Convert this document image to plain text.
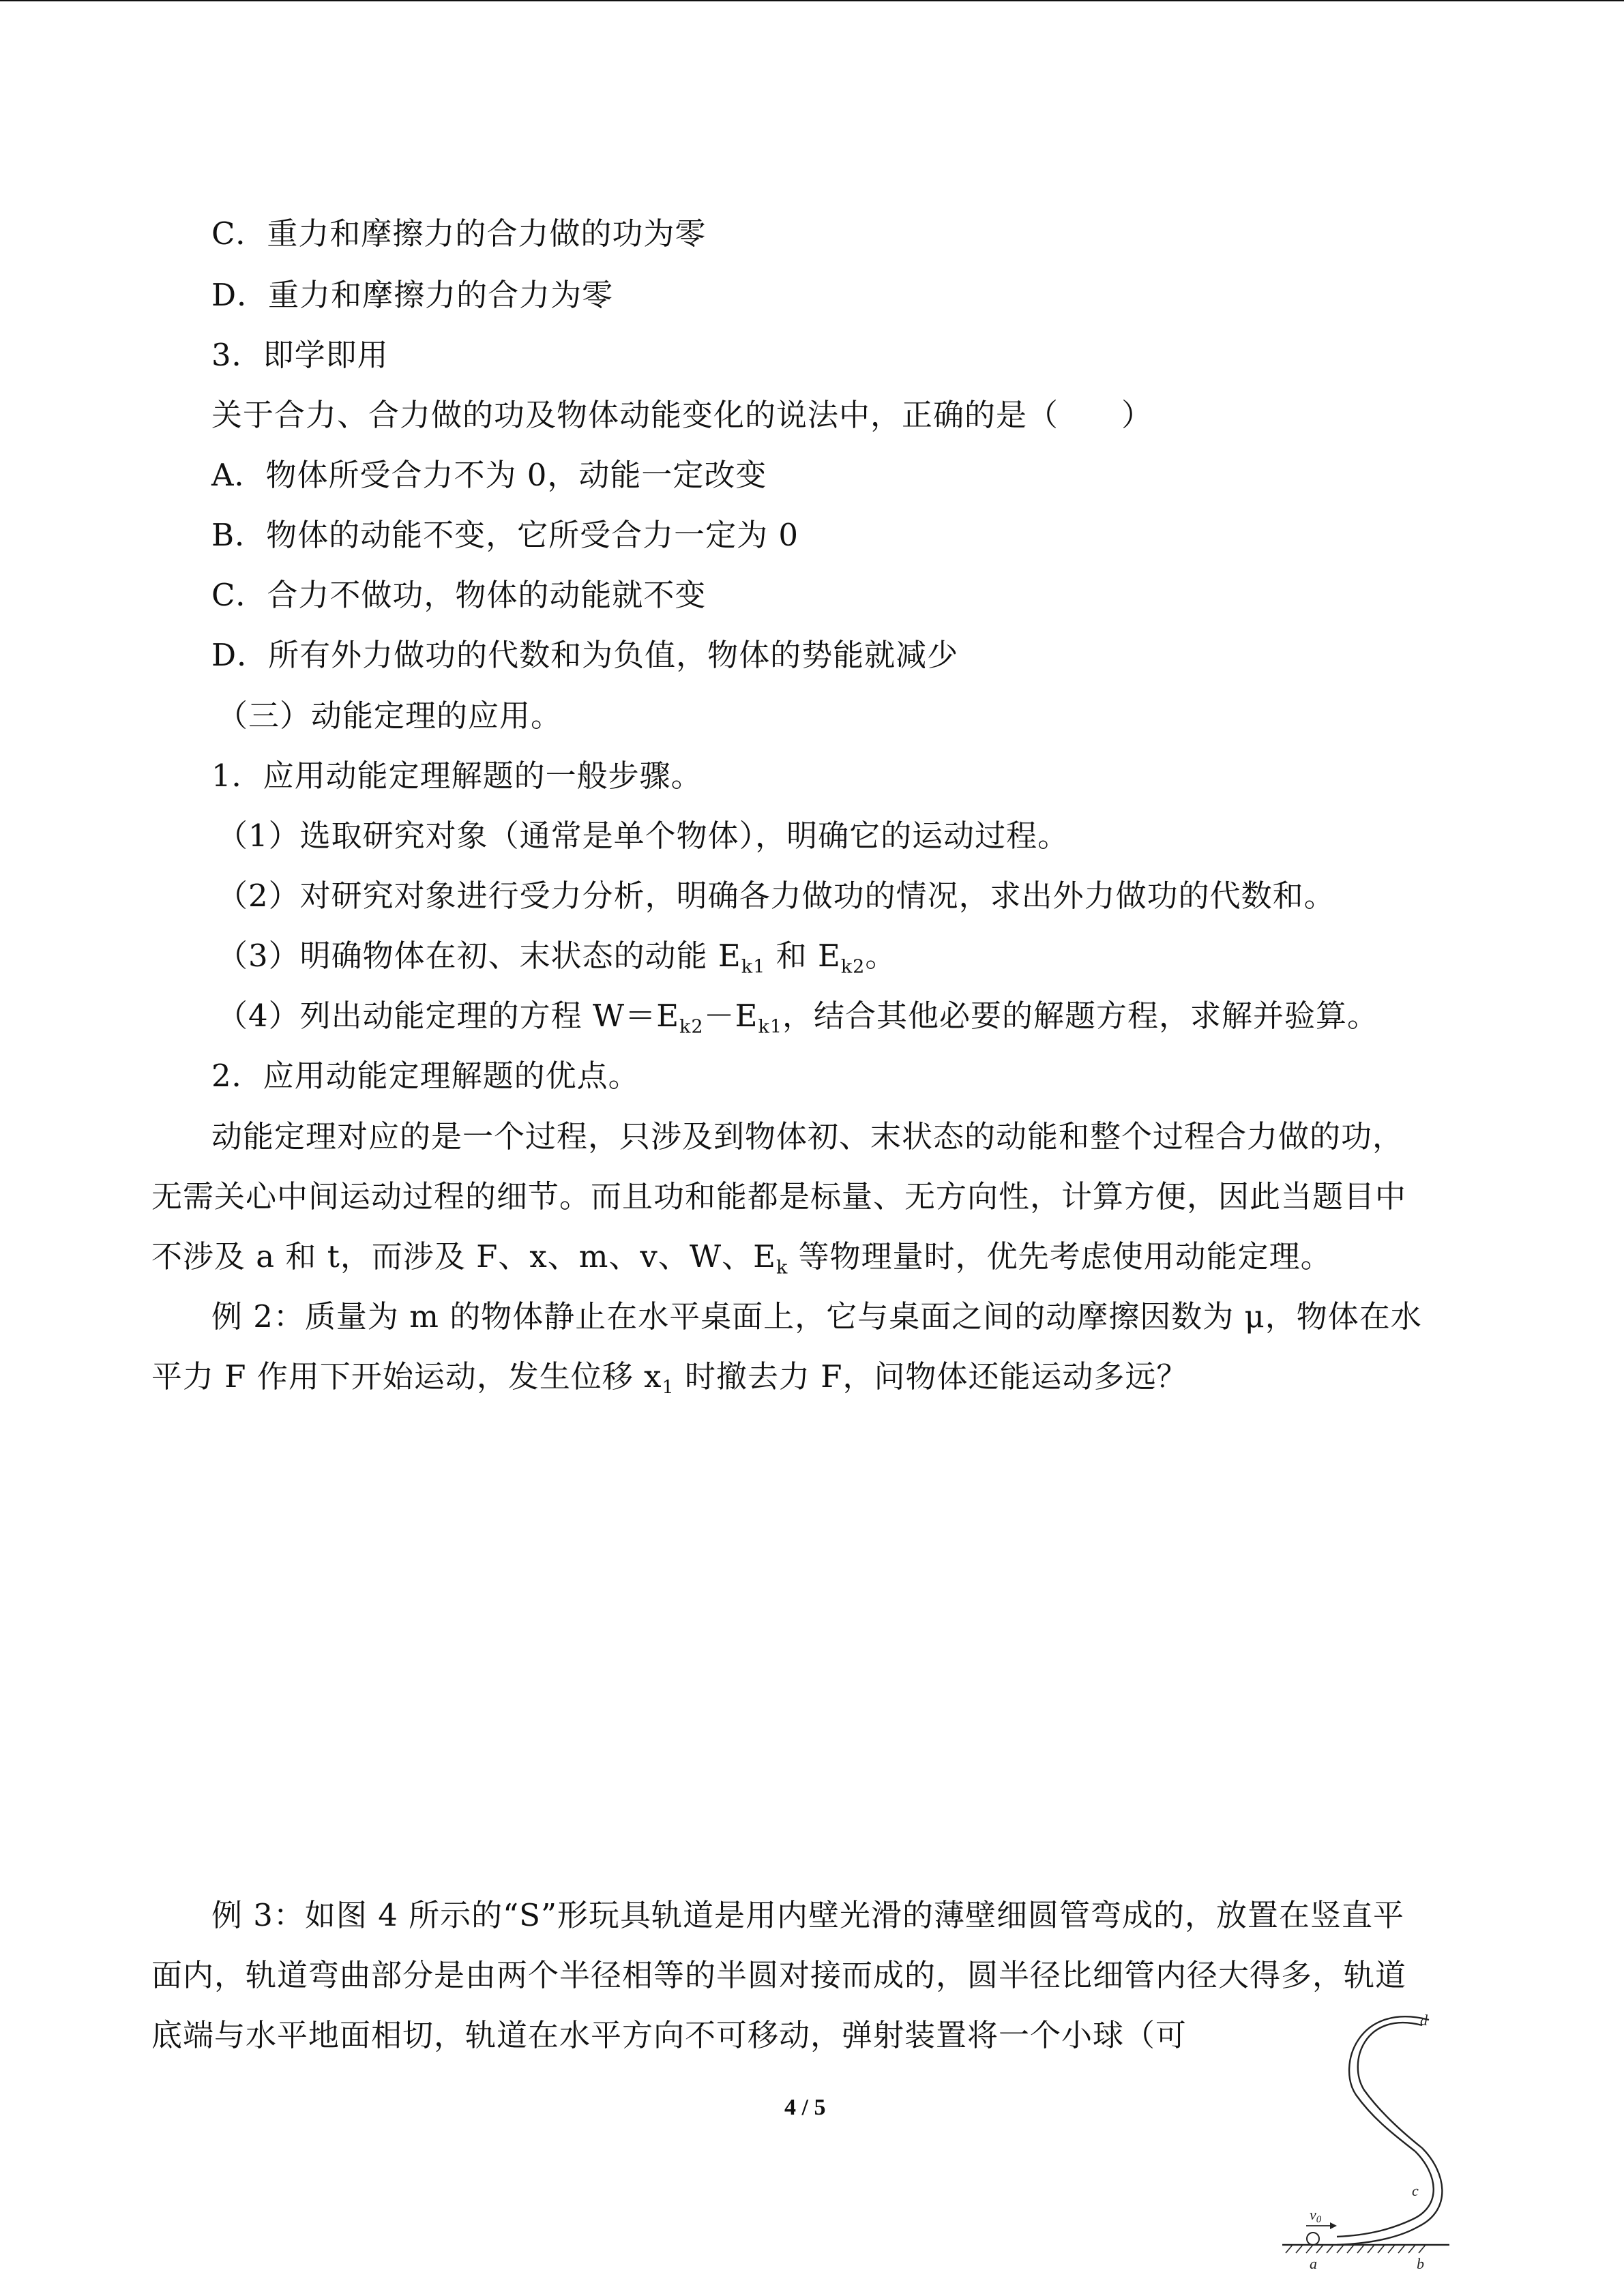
C．重力和摩擦力的合力做的功为零
D．重力和摩擦力的合力为零
3．即学即用
关于合力、合力做的功及物体动能变化的说法中，正确的是（　　）
A．物体所受合力不为 0，动能一定改变
B．物体的动能不变，它所受合力一定为 0
C．合力不做功，物体的动能就不变
D．所有外力做功的代数和为负值，物体的势能就减少
（三）动能定理的应用。
1．应用动能定理解题的一般步骤。
（1）选取研究对象（通常是单个物体），明确它的运动过程。
（2）对研究对象进行受力分析，明确各力做功的情况，求出外力做功的代数和。
（3）明确物体在初、末状态的动能 $E_{k1}$ 和 $E_{k2}$。
（4）列出动能定理的方程 $W=E_{k2}-E_{k1}$，结合其他必要的解题方程，求解并验算。
2．应用动能定理解题的优点。
动能定理对应的是一个过程，只涉及到物体初、末状态的动能和整个过程合力做的功，
无需关心中间运动过程的细节。而且功和能都是标量、无方向性，计算方便，因此当题目中
不涉及 a 和 t，而涉及 F、x、m、v、W、$E_k$ 等物理量时，优先考虑使用动能定理。
例 2：质量为 m 的物体静止在水平桌面上，它与桌面之间的动摩擦因数为 μ，物体在水
平力 F 作用下开始运动，发生位移 $x_1$ 时撤去力 F，问物体还能运动多远？
例 3：如图 4 所示的“S”形玩具轨道是用内壁光滑的薄壁细圆管弯成的，放置在竖直平
面内，轨道弯曲部分是由两个半径相等的半圆对接而成的，圆半径比细管内径大得多，轨道
底端与水平地面相切，轨道在水平方向不可移动，弹射装置将一个小球（可
4 / 5
v0
d
c
a	b
